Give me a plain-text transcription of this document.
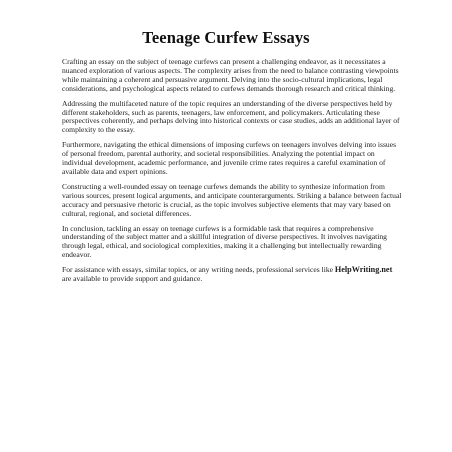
Teenage Curfew Essays

Crafting an essay on the subject of teenage curfews can present a challenging endeavor, as it necessitates a nuanced exploration of various aspects. The complexity arises from the need to balance contrasting viewpoints while maintaining a coherent and persuasive argument. Delving into the socio-cultural implications, legal considerations, and psychological aspects related to curfews demands thorough research and critical thinking.

Addressing the multifaceted nature of the topic requires an understanding of the diverse perspectives held by different stakeholders, such as parents, teenagers, law enforcement, and policymakers. Articulating these perspectives coherently, and perhaps delving into historical contexts or case studies, adds an additional layer of complexity to the essay.

Furthermore, navigating the ethical dimensions of imposing curfews on teenagers involves delving into issues of personal freedom, parental authority, and societal responsibilities. Analyzing the potential impact on individual development, academic performance, and juvenile crime rates requires a careful examination of available data and expert opinions.

Constructing a well-rounded essay on teenage curfews demands the ability to synthesize information from various sources, present logical arguments, and anticipate counterarguments. Striking a balance between factual accuracy and persuasive rhetoric is crucial, as the topic involves subjective elements that may vary based on cultural, regional, and societal differences.

In conclusion, tackling an essay on teenage curfews is a formidable task that requires a comprehensive understanding of the subject matter and a skillful integration of diverse perspectives. It involves navigating through legal, ethical, and sociological complexities, making it a challenging but intellectually rewarding endeavor.

For assistance with essays, similar topics, or any writing needs, professional services like HelpWriting.net are available to provide support and guidance.
